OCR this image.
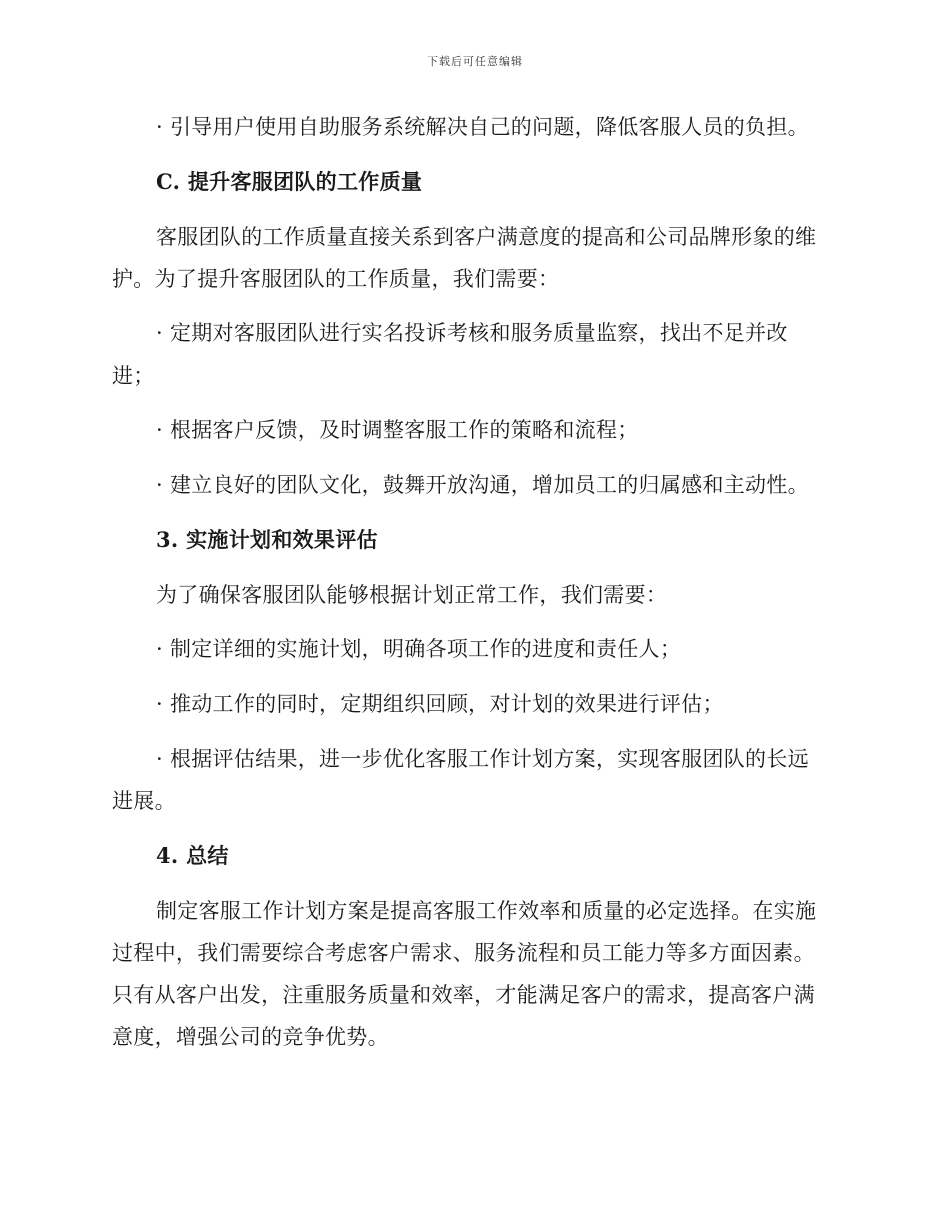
下载后可任意编辑
· 引导用户使用自助服务系统解决自己的问题，降低客服人员的负担。
C. 提升客服团队的工作质量
客服团队的工作质量直接关系到客户满意度的提高和公司品牌形象的维
护。为了提升客服团队的工作质量，我们需要：
· 定期对客服团队进行实名投诉考核和服务质量监察，找出不足并改
进；
· 根据客户反馈，及时调整客服工作的策略和流程；
· 建立良好的团队文化，鼓舞开放沟通，增加员工的归属感和主动性。
3. 实施计划和效果评估
为了确保客服团队能够根据计划正常工作，我们需要：
· 制定详细的实施计划，明确各项工作的进度和责任人；
· 推动工作的同时，定期组织回顾，对计划的效果进行评估；
· 根据评估结果，进一步优化客服工作计划方案，实现客服团队的长远
进展。
4. 总结
制定客服工作计划方案是提高客服工作效率和质量的必定选择。在实施
过程中，我们需要综合考虑客户需求、服务流程和员工能力等多方面因素。
只有从客户出发，注重服务质量和效率，才能满足客户的需求，提高客户满
意度，增强公司的竞争优势。
